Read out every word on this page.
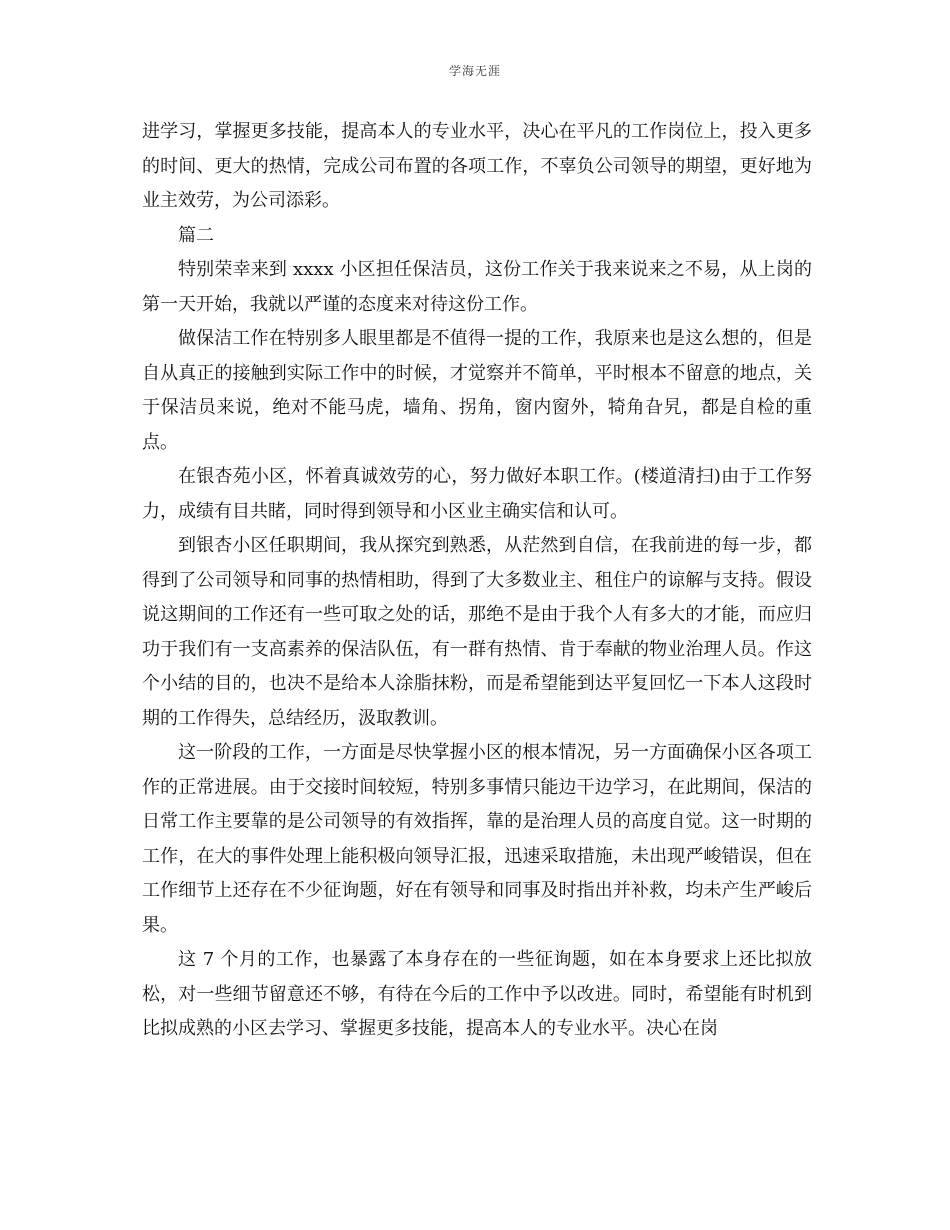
学海无涯

进学习，掌握更多技能，提高本人的专业水平，决心在平凡的工作岗位上，投入更多的时间、更大的热情，完成公司布置的各项工作，不辜负公司领导的期望，更好地为业主效劳，为公司添彩。

篇二

特别荣幸来到 xxxx 小区担任保洁员，这份工作关于我来说来之不易，从上岗的第一天开始，我就以严谨的态度来对待这份工作。

做保洁工作在特别多人眼里都是不值得一提的工作，我原来也是这么想的，但是自从真正的接触到实际工作中的时候，才觉察并不简单，平时根本不留意的地点，关于保洁员来说，绝对不能马虎，墙角、拐角，窗内窗外，犄角旮旯，都是自检的重点。

在银杏苑小区，怀着真诚效劳的心，努力做好本职工作。(楼道清扫)由于工作努力，成绩有目共睹，同时得到领导和小区业主确实信和认可。

到银杏小区任职期间，我从探究到熟悉，从茫然到自信，在我前进的每一步，都得到了公司领导和同事的热情相助，得到了大多数业主、租住户的谅解与支持。假设说这期间的工作还有一些可取之处的话，那绝不是由于我个人有多大的才能，而应归功于我们有一支高素养的保洁队伍，有一群有热情、肯于奉献的物业治理人员。作这个小结的目的，也决不是给本人涂脂抹粉，而是希望能到达平复回忆一下本人这段时期的工作得失，总结经历，汲取教训。

这一阶段的工作，一方面是尽快掌握小区的根本情况，另一方面确保小区各项工作的正常进展。由于交接时间较短，特别多事情只能边干边学习，在此期间，保洁的日常工作主要靠的是公司领导的有效指挥，靠的是治理人员的高度自觉。这一时期的工作，在大的事件处理上能积极向领导汇报，迅速采取措施，未出现严峻错误，但在工作细节上还存在不少征询题，好在有领导和同事及时指出并补救，均未产生严峻后果。

这 7 个月的工作，也暴露了本身存在的一些征询题，如在本身要求上还比拟放松，对一些细节留意还不够，有待在今后的工作中予以改进。同时，希望能有时机到比拟成熟的小区去学习、掌握更多技能，提高本人的专业水平。决心在岗
